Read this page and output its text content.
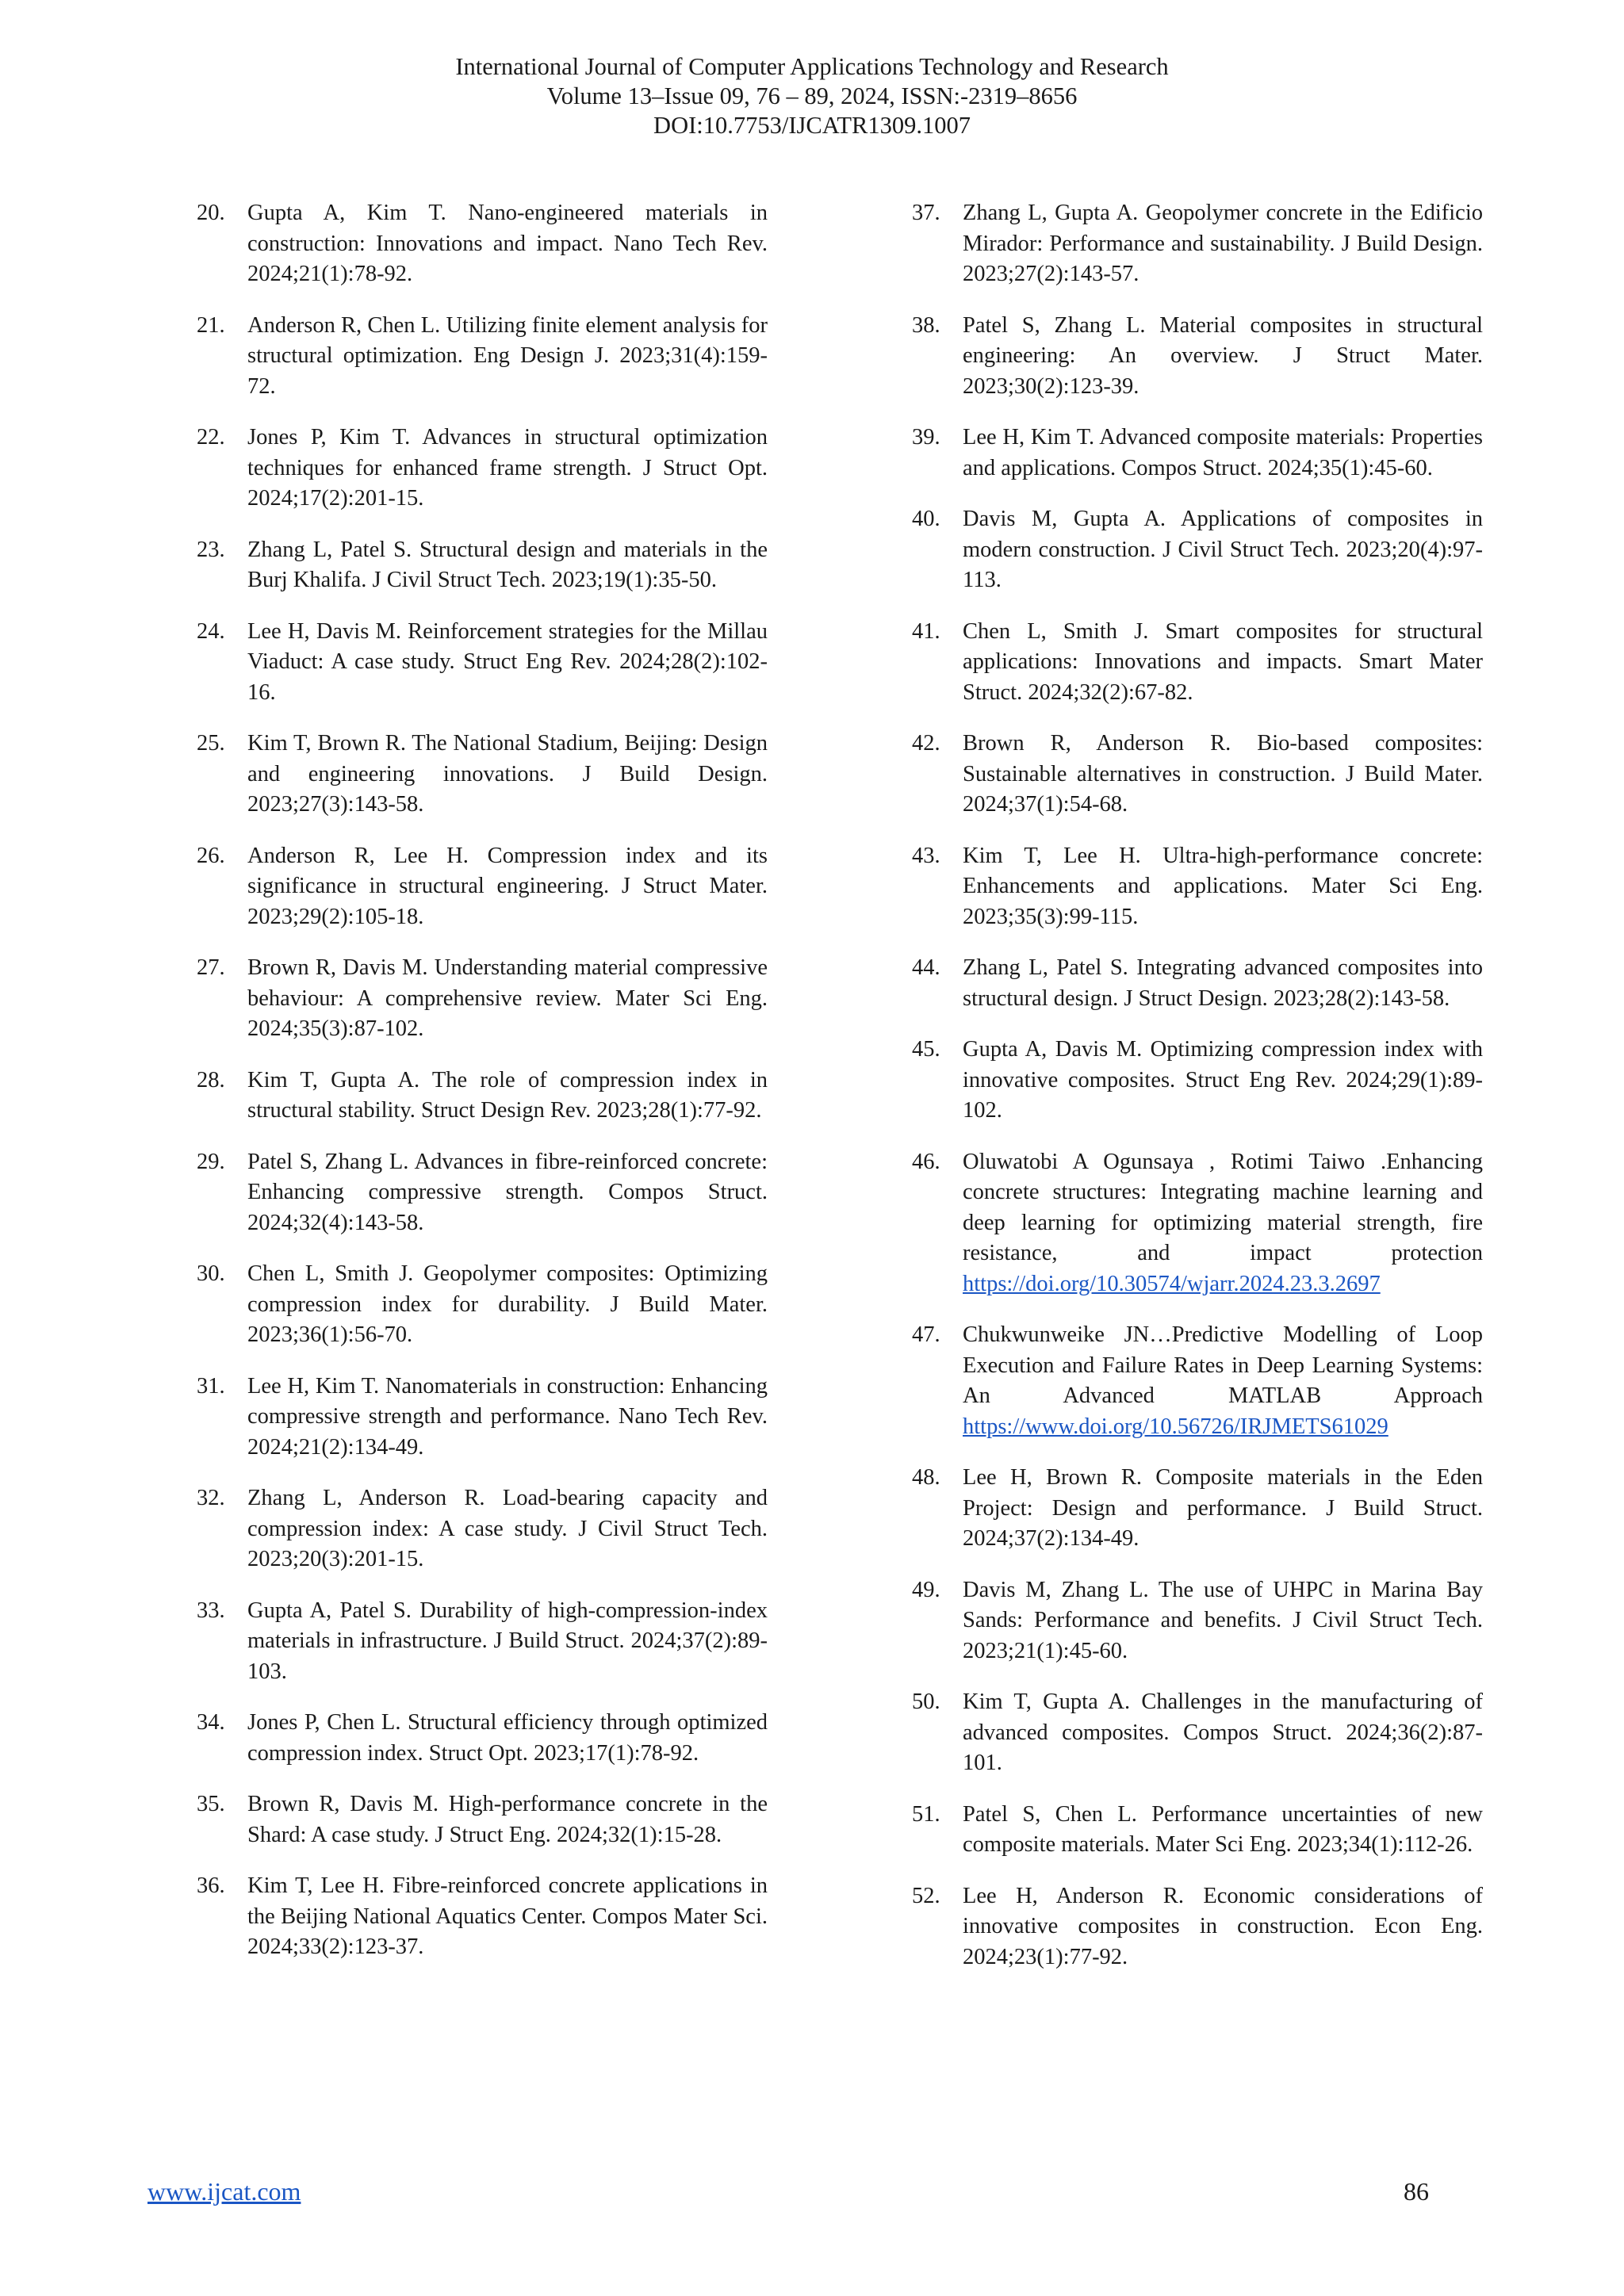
International Journal of Computer Applications Technology and Research
Volume 13–Issue 09, 76 – 89, 2024, ISSN:-2319–8656
DOI:10.7753/IJCATR1309.1007
20. Gupta A, Kim T. Nano-engineered materials in construction: Innovations and impact. Nano Tech Rev. 2024;21(1):78-92.
21. Anderson R, Chen L. Utilizing finite element analysis for structural optimization. Eng Design J. 2023;31(4):159-72.
22. Jones P, Kim T. Advances in structural optimization techniques for enhanced frame strength. J Struct Opt. 2024;17(2):201-15.
23. Zhang L, Patel S. Structural design and materials in the Burj Khalifa. J Civil Struct Tech. 2023;19(1):35-50.
24. Lee H, Davis M. Reinforcement strategies for the Millau Viaduct: A case study. Struct Eng Rev. 2024;28(2):102-16.
25. Kim T, Brown R. The National Stadium, Beijing: Design and engineering innovations. J Build Design. 2023;27(3):143-58.
26. Anderson R, Lee H. Compression index and its significance in structural engineering. J Struct Mater. 2023;29(2):105-18.
27. Brown R, Davis M. Understanding material compressive behaviour: A comprehensive review. Mater Sci Eng. 2024;35(3):87-102.
28. Kim T, Gupta A. The role of compression index in structural stability. Struct Design Rev. 2023;28(1):77-92.
29. Patel S, Zhang L. Advances in fibre-reinforced concrete: Enhancing compressive strength. Compos Struct. 2024;32(4):143-58.
30. Chen L, Smith J. Geopolymer composites: Optimizing compression index for durability. J Build Mater. 2023;36(1):56-70.
31. Lee H, Kim T. Nanomaterials in construction: Enhancing compressive strength and performance. Nano Tech Rev. 2024;21(2):134-49.
32. Zhang L, Anderson R. Load-bearing capacity and compression index: A case study. J Civil Struct Tech. 2023;20(3):201-15.
33. Gupta A, Patel S. Durability of high-compression-index materials in infrastructure. J Build Struct. 2024;37(2):89-103.
34. Jones P, Chen L. Structural efficiency through optimized compression index. Struct Opt. 2023;17(1):78-92.
35. Brown R, Davis M. High-performance concrete in the Shard: A case study. J Struct Eng. 2024;32(1):15-28.
36. Kim T, Lee H. Fibre-reinforced concrete applications in the Beijing National Aquatics Center. Compos Mater Sci. 2024;33(2):123-37.
37. Zhang L, Gupta A. Geopolymer concrete in the Edificio Mirador: Performance and sustainability. J Build Design. 2023;27(2):143-57.
38. Patel S, Zhang L. Material composites in structural engineering: An overview. J Struct Mater. 2023;30(2):123-39.
39. Lee H, Kim T. Advanced composite materials: Properties and applications. Compos Struct. 2024;35(1):45-60.
40. Davis M, Gupta A. Applications of composites in modern construction. J Civil Struct Tech. 2023;20(4):97-113.
41. Chen L, Smith J. Smart composites for structural applications: Innovations and impacts. Smart Mater Struct. 2024;32(2):67-82.
42. Brown R, Anderson R. Bio-based composites: Sustainable alternatives in construction. J Build Mater. 2024;37(1):54-68.
43. Kim T, Lee H. Ultra-high-performance concrete: Enhancements and applications. Mater Sci Eng. 2023;35(3):99-115.
44. Zhang L, Patel S. Integrating advanced composites into structural design. J Struct Design. 2023;28(2):143-58.
45. Gupta A, Davis M. Optimizing compression index with innovative composites. Struct Eng Rev. 2024;29(1):89-102.
46. Oluwatobi A Ogunsaya , Rotimi Taiwo .Enhancing concrete structures: Integrating machine learning and deep learning for optimizing material strength, fire resistance, and impact protection https://doi.org/10.30574/wjarr.2024.23.3.2697
47. Chukwunweike JN…Predictive Modelling of Loop Execution and Failure Rates in Deep Learning Systems: An Advanced MATLAB Approach https://www.doi.org/10.56726/IRJMETS61029
48. Lee H, Brown R. Composite materials in the Eden Project: Design and performance. J Build Struct. 2024;37(2):134-49.
49. Davis M, Zhang L. The use of UHPC in Marina Bay Sands: Performance and benefits. J Civil Struct Tech. 2023;21(1):45-60.
50. Kim T, Gupta A. Challenges in the manufacturing of advanced composites. Compos Struct. 2024;36(2):87-101.
51. Patel S, Chen L. Performance uncertainties of new composite materials. Mater Sci Eng. 2023;34(1):112-26.
52. Lee H, Anderson R. Economic considerations of innovative composites in construction. Econ Eng. 2024;23(1):77-92.
www.ijcat.com	86
